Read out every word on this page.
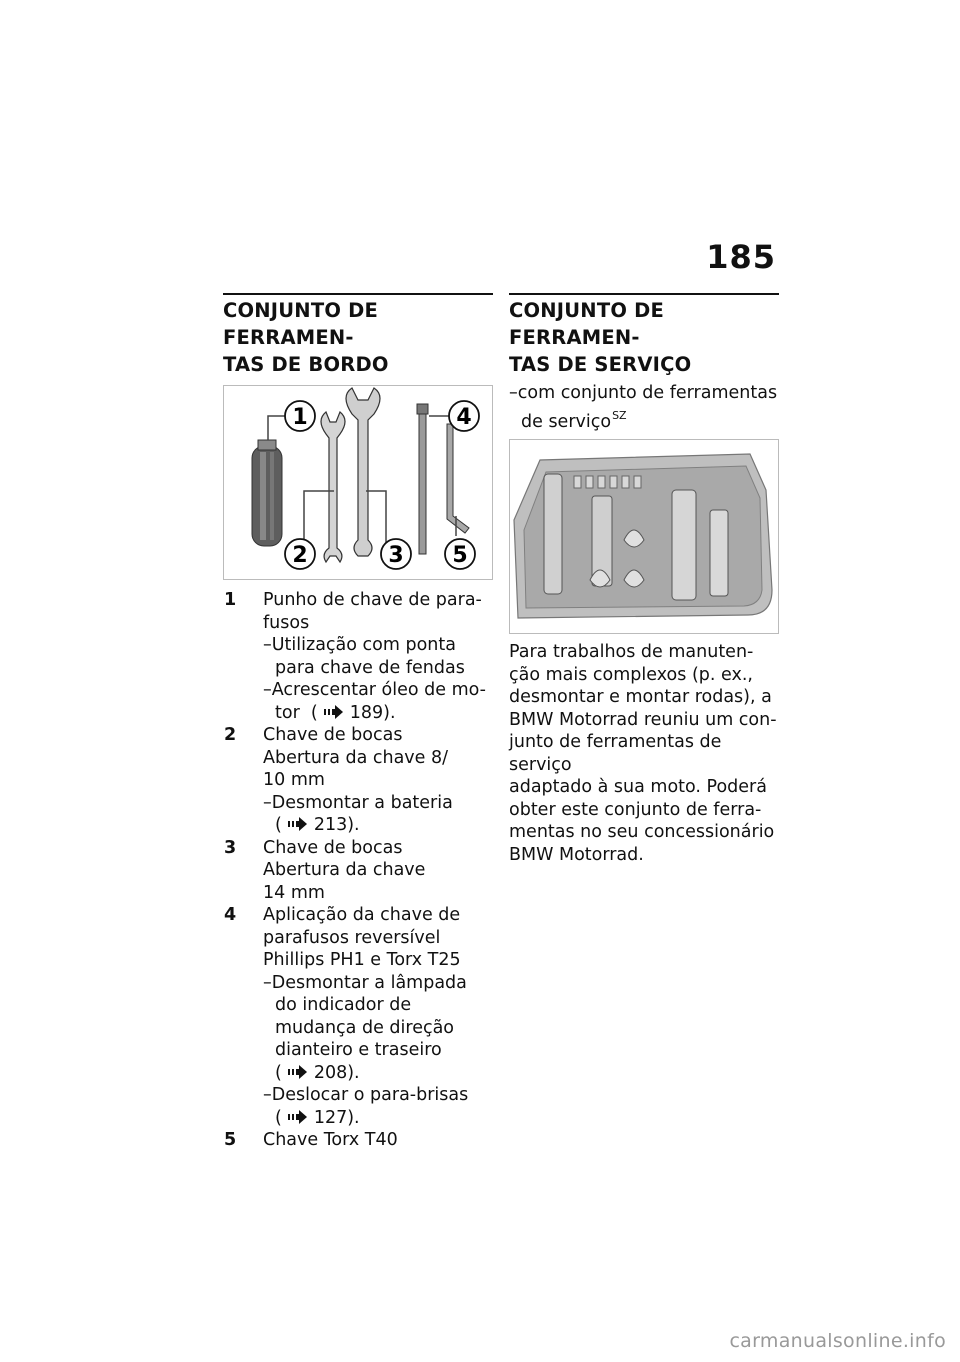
185
CONJUNTO DE FERRAMEN-
TAS DE BORDO
1
2	3
4
5
1 Punho de chave de para-
fusos
–Utilização com ponta
para chave de fendas
–Acrescentar óleo de mo-
tor  ( 189).
2 Chave de bocas
Abertura da chave 8/
10 mm
–Desmontar a bateria
( 213).
3 Chave de bocas
Abertura da chave
14 mm
4 Aplicação da chave de
parafusos reversível
Phillips PH1 e Torx T25
–Desmontar a lâmpada
do indicador de
mudança de direção
dianteiro e traseiro
( 208).
–Deslocar o para-brisas
( 127).
5 Chave Torx T40
CONJUNTO DE FERRAMEN-
TAS DE SERVIÇO
–com conjunto de ferramentas
de serviço$^{SZ}$
Para trabalhos de manuten-
ção mais complexos (p. ex.,
desmontar e montar rodas), a
BMW Motorrad reuniu um con-
junto de ferramentas de serviço
adaptado à sua moto. Poderá
obter este conjunto de ferra-
mentas no seu concessionário
BMW Motorrad.
carmanualsonline.info
